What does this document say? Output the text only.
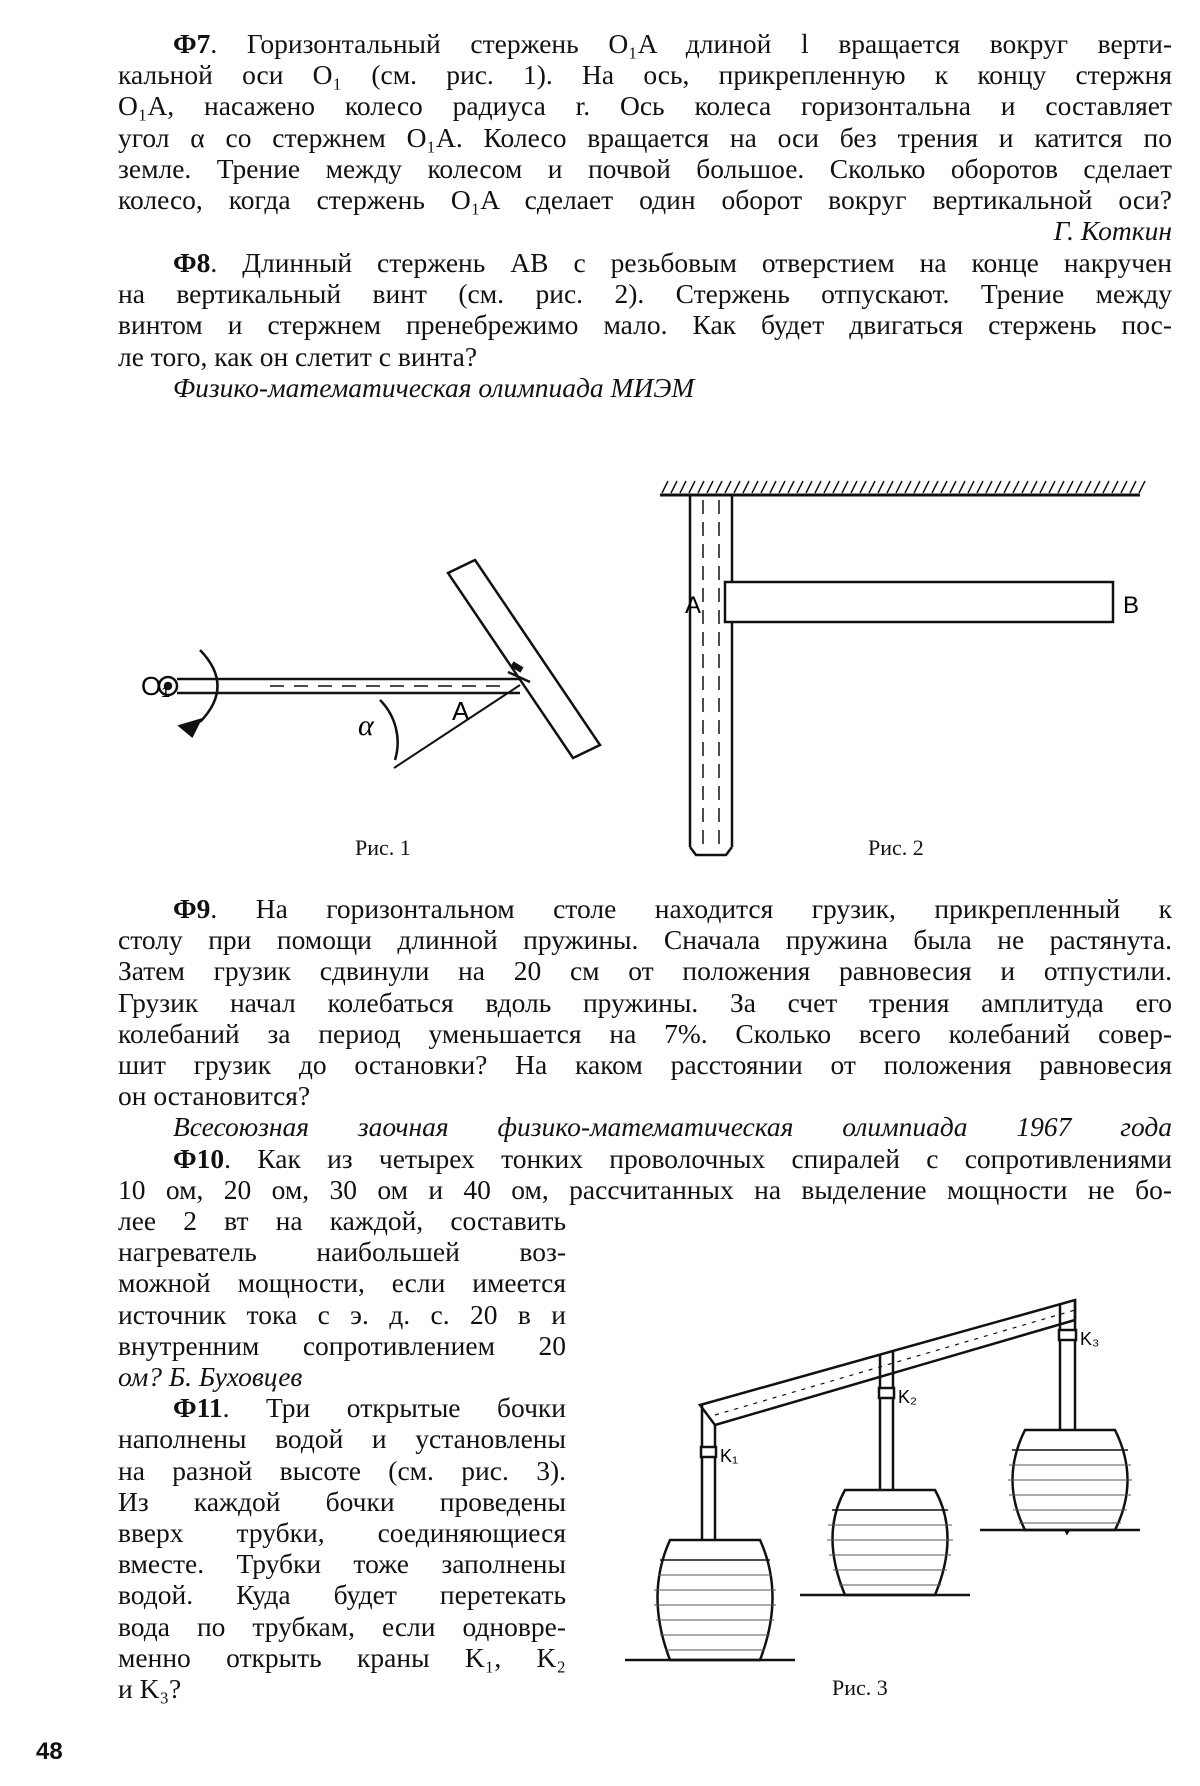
Ф7. Горизонтальный стержень O₁A длиной l вращается вокруг верти-

кальной оси O₁ (см. рис. 1). На ось, прикрепленную к концу стержня

O₁A, насажено колесо радиуса r. Ось колеса горизонтальна и составляет

угол α со стержнем O₁A. Колесо вращается на оси без трения и катится по

земле. Трение между колесом и почвой большое. Сколько оборотов сделает

колесо, когда стержень O₁A сделает один оборот вокруг вертикальной оси?

Г. Коткин

Ф8. Длинный стержень AB с резьбовым отверстием на конце накручен

на вертикальный винт (см. рис. 2). Стержень отпускают. Трение между

винтом и стержнем пренебрежимо мало. Как будет двигаться стержень пос-

ле того, как он слетит с винта?

Физико-математическая олимпиада МИЭМ
O₁
A
α
Рис. 1
A	B
Рис. 2

Ф9. На горизонтальном столе находится грузик, прикрепленный к

столу при помощи длинной пружины. Сначала пружина была не растянута.

Затем грузик сдвинули на 20 см от положения равновесия и отпустили.

Грузик начал колебаться вдоль пружины. За счет трения амплитуда его

колебаний за период уменьшается на 7%. Сколько всего колебаний совер-

шит грузик до остановки? На каком расстоянии от положения равновесия

он остановится?

Всесоюзная заочная физико-математическая олимпиада 1967 года

Ф10. Как из четырех тонких проволочных спиралей с сопротивлениями

10 ом, 20 ом, 30 ом и 40 ом, рассчитанных на выделение мощности не бо-

лее 2 вт на каждой, составить

нагреватель наибольшей воз-

можной мощности, если имеется

источник тока с э. д. с. 20 в и

внутренним сопротивлением 20

ом? Б. Буховцев

Ф11. Три открытые бочки

наполнены водой и установлены

на разной высоте (см. рис. 3).

Из каждой бочки проведены

вверх трубки, соединяющиеся

вместе. Трубки тоже заполнены

водой. Куда будет перетекать

вода по трубкам, если одновре-

менно открыть краны K₁, K₂

и K₃?

K₁
K₂
K₃
Рис. 3
48
